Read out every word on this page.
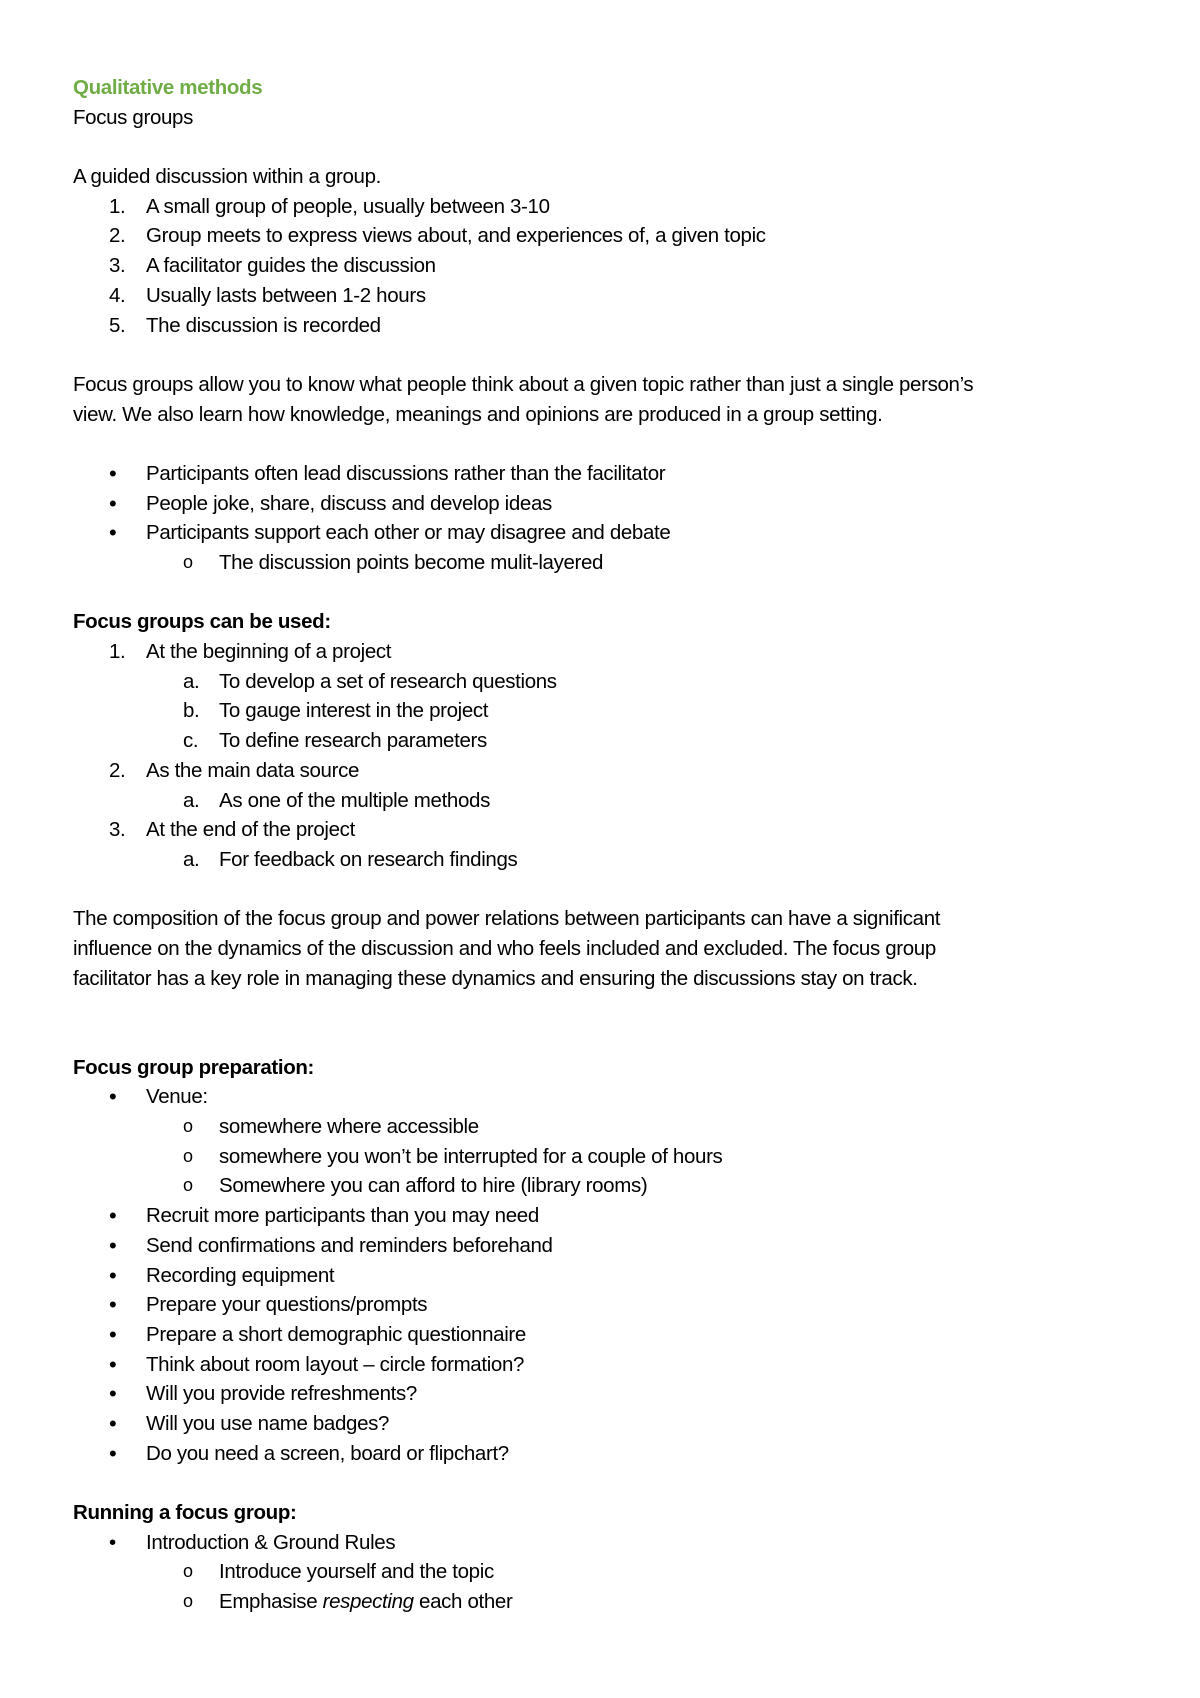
Qualitative methods
Focus groups
A guided discussion within a group.
1. A small group of people, usually between 3-10
2. Group meets to express views about, and experiences of, a given topic
3. A facilitator guides the discussion
4. Usually lasts between 1-2 hours
5. The discussion is recorded
Focus groups allow you to know what people think about a given topic rather than just a single person’s
view. We also learn how knowledge, meanings and opinions are produced in a group setting.
• Participants often lead discussions rather than the facilitator
• People joke, share, discuss and develop ideas
• Participants support each other or may disagree and debate
o The discussion points become mulit-layered
Focus groups can be used:
1. At the beginning of a project
a. To develop a set of research questions
b. To gauge interest in the project
c. To define research parameters
2. As the main data source
a. As one of the multiple methods
3. At the end of the project
a. For feedback on research findings
The composition of the focus group and power relations between participants can have a significant
influence on the dynamics of the discussion and who feels included and excluded. The focus group
facilitator has a key role in managing these dynamics and ensuring the discussions stay on track.
Focus group preparation:
• Venue:
o somewhere where accessible
o somewhere you won’t be interrupted for a couple of hours
o Somewhere you can afford to hire (library rooms)
• Recruit more participants than you may need
• Send confirmations and reminders beforehand
• Recording equipment
• Prepare your questions/prompts
• Prepare a short demographic questionnaire
• Think about room layout – circle formation?
• Will you provide refreshments?
• Will you use name badges?
• Do you need a screen, board or flipchart?
Running a focus group:
• Introduction & Ground Rules
o Introduce yourself and the topic
o Emphasise respecting each other
